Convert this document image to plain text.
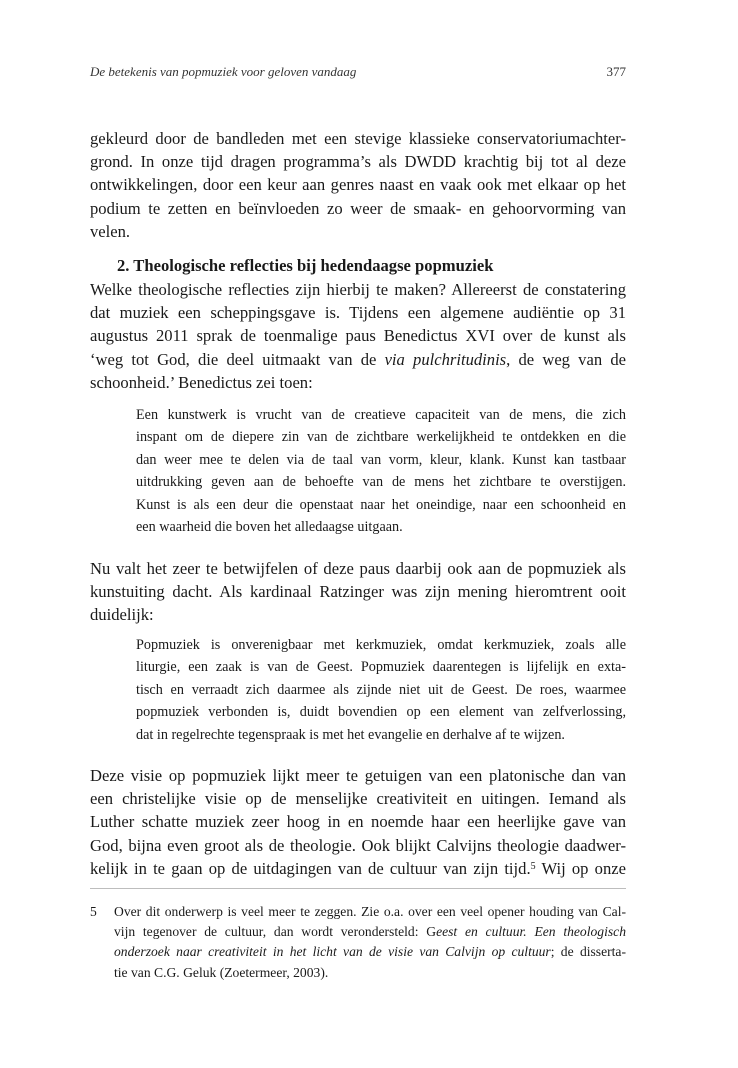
De betekenis van popmuziek voor geloven vandaag	377
gekleurd door de bandleden met een stevige klassieke conservatoriumachter-
grond. In onze tijd dragen programma’s als DWDD krachtig bij tot al deze
ontwikkelingen, door een keur aan genres naast en vaak ook met elkaar op het
podium te zetten en beïnvloeden zo weer de smaak- en gehoorvorming van
velen.
2. Theologische reflecties bij hedendaagse popmuziek
Welke theologische reflecties zijn hierbij te maken? Allereerst de constatering
dat muziek een scheppingsgave is. Tijdens een algemene audiëntie op 31
augustus 2011 sprak de toenmalige paus Benedictus XVI over de kunst als
‘weg tot God, die deel uitmaakt van de via pulchritudinis, de weg van de
schoonheid.’ Benedictus zei toen:
Een kunstwerk is vrucht van de creatieve capaciteit van de mens, die zich
inspant om de diepere zin van de zichtbare werkelijkheid te ontdekken en die
dan weer mee te delen via de taal van vorm, kleur, klank. Kunst kan tastbaar
uitdrukking geven aan de behoefte van de mens het zichtbare te overstijgen.
Kunst is als een deur die openstaat naar het oneindige, naar een schoonheid en
een waarheid die boven het alledaagse uitgaan.
Nu valt het zeer te betwijfelen of deze paus daarbij ook aan de popmuziek als
kunstuiting dacht. Als kardinaal Ratzinger was zijn mening hieromtrent ooit
duidelijk:
Popmuziek is onverenigbaar met kerkmuziek, omdat kerkmuziek, zoals alle
liturgie, een zaak is van de Geest. Popmuziek daarentegen is lijfelijk en exta-
tisch en verraadt zich daarmee als zijnde niet uit de Geest. De roes, waarmee
popmuziek verbonden is, duidt bovendien op een element van zelfverlossing,
dat in regelrechte tegenspraak is met het evangelie en derhalve af te wijzen.
Deze visie op popmuziek lijkt meer te getuigen van een platonische dan van
een christelijke visie op de menselijke creativiteit en uitingen. Iemand als
Luther schatte muziek zeer hoog in en noemde haar een heerlijke gave van
God, bijna even groot als de theologie. Ook blijkt Calvijns theologie daadwer-
kelijk in te gaan op de uitdagingen van de cultuur van zijn tijd.$^5$ Wij op onze
5 Over dit onderwerp is veel meer te zeggen. Zie o.a. over een veel opener houding van Cal-
vijn tegenover de cultuur, dan wordt verondersteld: Geest en cultuur. Een theologisch
onderzoek naar creativiteit in het licht van de visie van Calvijn op cultuur; de disserta-
tie van C.G. Geluk (Zoetermeer, 2003).
